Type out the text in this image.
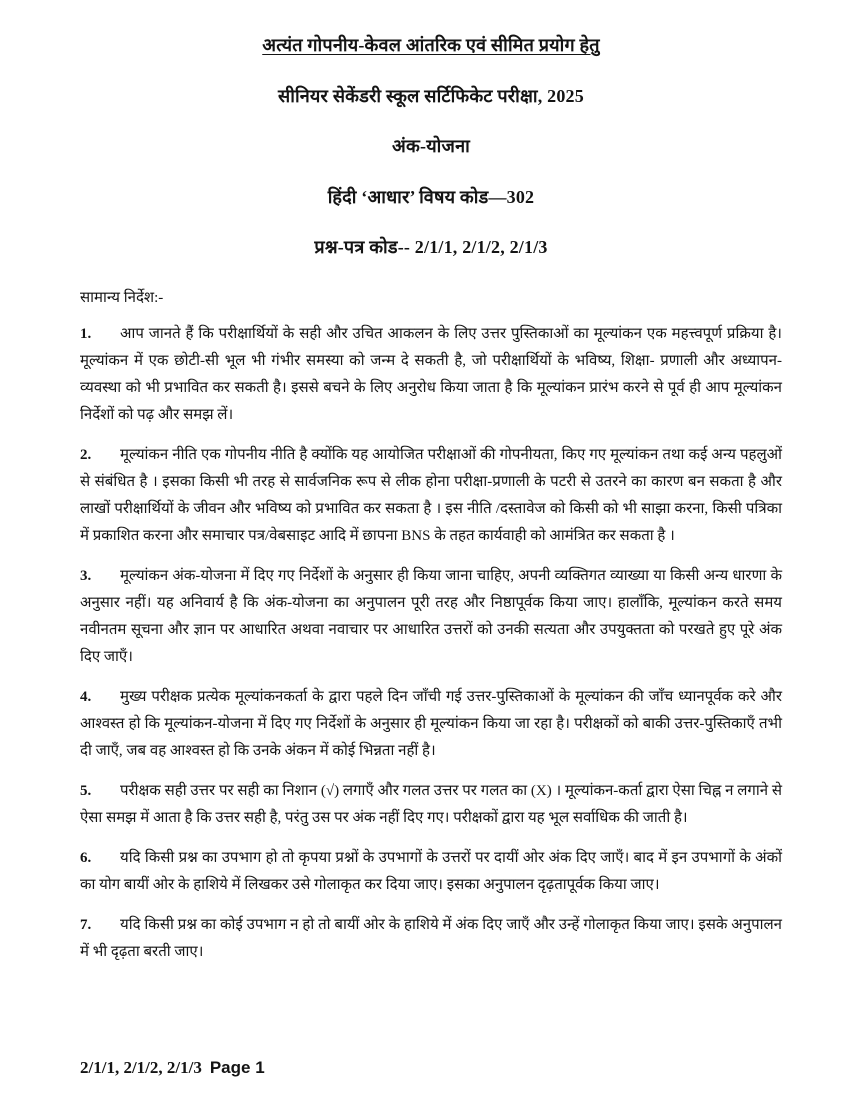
अत्यंत गोपनीय-केवल आंतरिक एवं सीमित प्रयोग हेतु
सीनियर सेकेंडरी स्कूल सर्टिफिकेट परीक्षा, 2025
अंक-योजना
हिंदी ‘आधार’ विषय कोड—302
प्रश्न-पत्र कोड-- 2/1/1, 2/1/2, 2/1/3
सामान्य निर्देश:-

1. आप जानते हैं कि परीक्षार्थियों के सही और उचित आकलन के लिए उत्तर पुस्तिकाओं का मूल्यांकन एक महत्त्वपूर्ण प्रक्रिया है। मूल्यांकन में एक छोटी-सी भूल भी गंभीर समस्या को जन्म दे सकती है, जो परीक्षार्थियों के भविष्य, शिक्षा- प्रणाली और अध्यापन-व्यवस्था को भी प्रभावित कर सकती है। इससे बचने के लिए अनुरोध किया जाता है कि मूल्यांकन प्रारंभ करने से पूर्व ही आप मूल्यांकन निर्देशों को पढ़ और समझ लें।

2. मूल्यांकन नीति एक गोपनीय नीति है क्योंकि यह आयोजित परीक्षाओं की गोपनीयता, किए गए मूल्यांकन तथा कई अन्य पहलुओं से संबंधित है । इसका किसी भी तरह से सार्वजनिक रूप से लीक होना परीक्षा-प्रणाली के पटरी से उतरने का कारण बन सकता है और लाखों परीक्षार्थियों के जीवन और भविष्य को प्रभावित कर सकता है । इस नीति /दस्तावेज को किसी को भी साझा करना, किसी पत्रिका में प्रकाशित करना और समाचार पत्र/वेबसाइट आदि में छापना BNS के तहत कार्यवाही को आमंत्रित कर सकता है ।

3. मूल्यांकन अंक-योजना में दिए गए निर्देशों के अनुसार ही किया जाना चाहिए, अपनी व्यक्तिगत व्याख्या या किसी अन्य धारणा के अनुसार नहीं। यह अनिवार्य है कि अंक-योजना का अनुपालन पूरी तरह और निष्ठापूर्वक किया जाए। हालाँकि, मूल्यांकन करते समय नवीनतम सूचना और ज्ञान पर आधारित अथवा नवाचार पर आधारित उत्तरों को उनकी सत्यता और उपयुक्तता को परखते हुए पूरे अंक दिए जाएँ।

4. मुख्य परीक्षक प्रत्येक मूल्यांकनकर्ता के द्वारा पहले दिन जाँची गई उत्तर-पुस्तिकाओं के मूल्यांकन की जाँच ध्यानपूर्वक करे और आश्वस्त हो कि मूल्यांकन-योजना में दिए गए निर्देशों के अनुसार ही मूल्यांकन किया जा रहा है। परीक्षकों को बाकी उत्तर-पुस्तिकाएँ तभी दी जाएँ, जब वह आश्वस्त हो कि उनके अंकन में कोई भिन्नता नहीं है।

5. परीक्षक सही उत्तर पर सही का निशान (√) लगाएँ और गलत उत्तर पर गलत का (X) । मूल्यांकन-कर्ता द्वारा ऐसा चिह्न न लगाने से ऐसा समझ में आता है कि उत्तर सही है, परंतु उस पर अंक नहीं दिए गए। परीक्षकों द्वारा यह भूल सर्वाधिक की जाती है।

6. यदि किसी प्रश्न का उपभाग हो तो कृपया प्रश्नों के उपभागों के उत्तरों पर दायीं ओर अंक दिए जाएँ। बाद में इन उपभागों के अंकों का योग बायीं ओर के हाशिये में लिखकर उसे गोलाकृत कर दिया जाए। इसका अनुपालन दृढ़तापूर्वक किया जाए।

7. यदि किसी प्रश्न का कोई उपभाग न हो तो बायीं ओर के हाशिये में अंक दिए जाएँ और उन्हें गोलाकृत किया जाए। इसके अनुपालन में भी दृढ़ता बरती जाए।

2/1/1, 2/1/2, 2/1/3 Page 1
